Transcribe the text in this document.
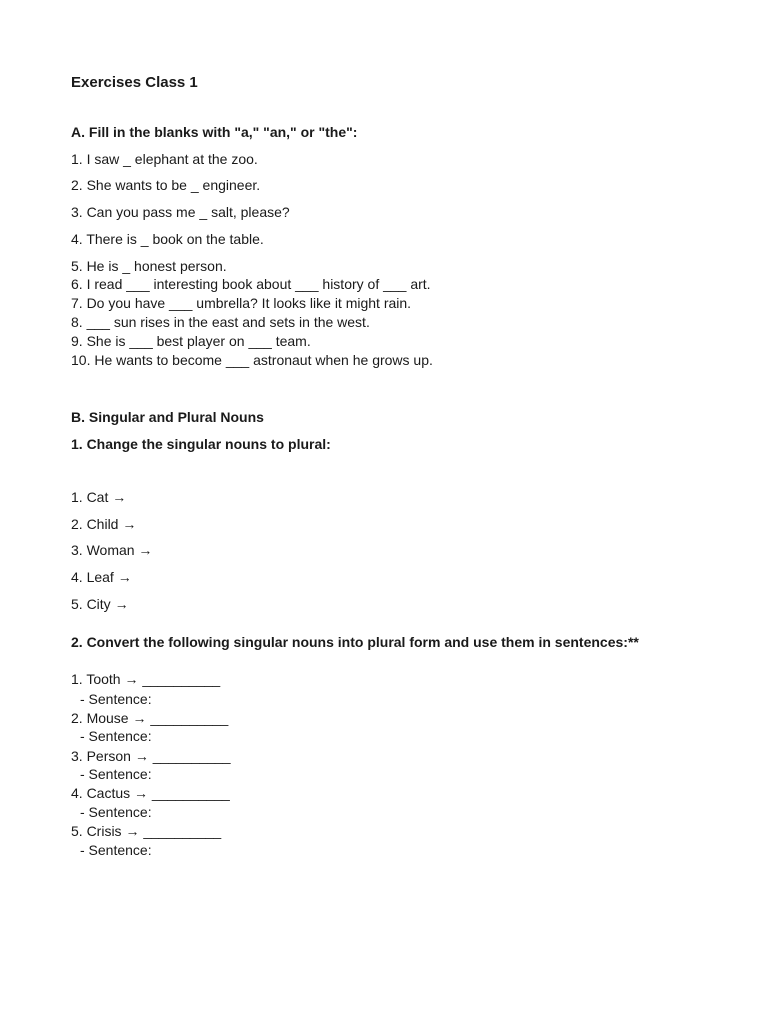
Exercises Class 1
A. Fill in the blanks with "a," "an," or "the":
1. I saw _ elephant at the zoo.
2. She wants to be _ engineer.
3. Can you pass me _ salt, please?
4. There is _ book on the table.
5. He is _ honest person.
6. I read ___ interesting book about ___ history of ___ art.
7. Do you have ___ umbrella? It looks like it might rain.
8. ___ sun rises in the east and sets in the west.
9. She is ___ best player on ___ team.
10. He wants to become ___ astronaut when he grows up.
B. Singular and Plural Nouns
1. Change the singular nouns to plural:
1. Cat →
2. Child →
3. Woman →
4. Leaf →
5. City →
2. Convert the following singular nouns into plural form and use them in sentences:**
1. Tooth → __________
- Sentence:
2. Mouse → __________
- Sentence:
3. Person → __________
- Sentence:
4. Cactus → __________
- Sentence:
5. Crisis → __________
- Sentence:
